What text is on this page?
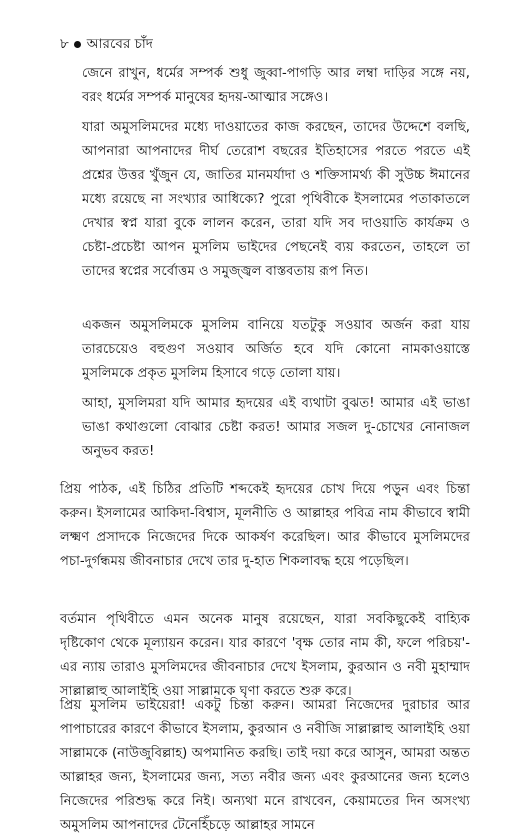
৮ আরবের চাঁদ

জেনে রাখুন, ধর্মের সম্পর্ক শুধু জুব্বা-পাগড়ি আর লম্বা দাড়ির সঙ্গে নয়, বরং ধর্মের সম্পর্ক মানুষের হৃদয়-আত্মার সঙ্গেও।

যারা অমুসলিমদের মধ্যে দাওয়াতের কাজ করছেন, তাদের উদ্দেশে বলছি, আপনারা আপনাদের দীর্ঘ তেরোশ বছরের ইতিহাসের পরতে পরতে এই প্রশ্নের উত্তর খুঁজুন যে, জাতির মানমর্যাদা ও শক্তিসামর্থ্য কী সুউচ্চ ঈমানের মধ্যে রয়েছে না সংখ্যার আধিক্যে? পুরো পৃথিবীকে ইসলামের পতাকাতলে দেখার স্বপ্ন যারা বুকে লালন করেন, তারা যদি সব দাওয়াতি কার্যক্রম ও চেষ্টা-প্রচেষ্টা আপন মুসলিম ভাইদের পেছনেই ব্যয় করতেন, তাহলে তা তাদের স্বপ্নের সর্বোত্তম ও সমুজ্জ্বল বাস্তবতায় রূপ নিত।

একজন অমুসলিমকে মুসলিম বানিয়ে যতটুকু সওয়াব অর্জন করা যায় তারচেয়েও বহুগুণ সওয়াব অর্জিত হবে যদি কোনো নামকাওয়াস্তে মুসলিমকে প্রকৃত মুসলিম হিসাবে গড়ে তোলা যায়।

আহা, মুসলিমরা যদি আমার হৃদয়ের এই ব্যথাটা বুঝত! আমার এই ভাঙা ভাঙা কথাগুলো বোঝার চেষ্টা করত! আমার সজল দু-চোখের নোনাজল অনুভব করত!

প্রিয় পাঠক, এই চিঠির প্রতিটি শব্দকেই হৃদয়ের চোখ দিয়ে পড়ুন এবং চিন্তা করুন। ইসলামের আকিদা-বিশ্বাস, মূলনীতি ও আল্লাহর পবিত্র নাম কীভাবে স্বামী লক্ষ্মণ প্রসাদকে নিজেদের দিকে আকর্ষণ করেছিল। আর কীভাবে মুসলিমদের পচা-দুর্গন্ধময় জীবনাচার দেখে তার দু-হাত শিকলাবদ্ধ হয়ে পড়েছিল।

বর্তমান পৃথিবীতে এমন অনেক মানুষ রয়েছেন, যারা সবকিছুকেই বাহ্যিক দৃষ্টিকোণ থেকে মূল্যায়ন করেন। যার কারণে 'বৃক্ষ তোর নাম কী, ফলে পরিচয়'-এর ন্যায় তারাও মুসলিমদের জীবনাচার দেখে ইসলাম, কুরআন ও নবী মুহাম্মাদ সাল্লাল্লাহু আলাইহি ওয়া সাল্লামকে ঘৃণা করতে শুরু করে।

প্রিয় মুসলিম ভাইয়েরা! একটু চিন্তা করুন। আমরা নিজেদের দুরাচার আর পাপাচারের কারণে কীভাবে ইসলাম, কুরআন ও নবীজি সাল্লাল্লাহু আলাইহি ওয়া সাল্লামকে (নাউজুবিল্লাহ) অপমানিত করছি। তাই দয়া করে আসুন, আমরা অন্তত আল্লাহর জন্য, ইসলামের জন্য, সত্য নবীর জন্য এবং কুরআনের জন্য হলেও নিজেদের পরিশুদ্ধ করে নিই। অন্যথা মনে রাখবেন, কেয়ামতের দিন অসংখ্য অমুসলিম আপনাদের টেনেহিঁচড়ে আল্লাহর সামনে
